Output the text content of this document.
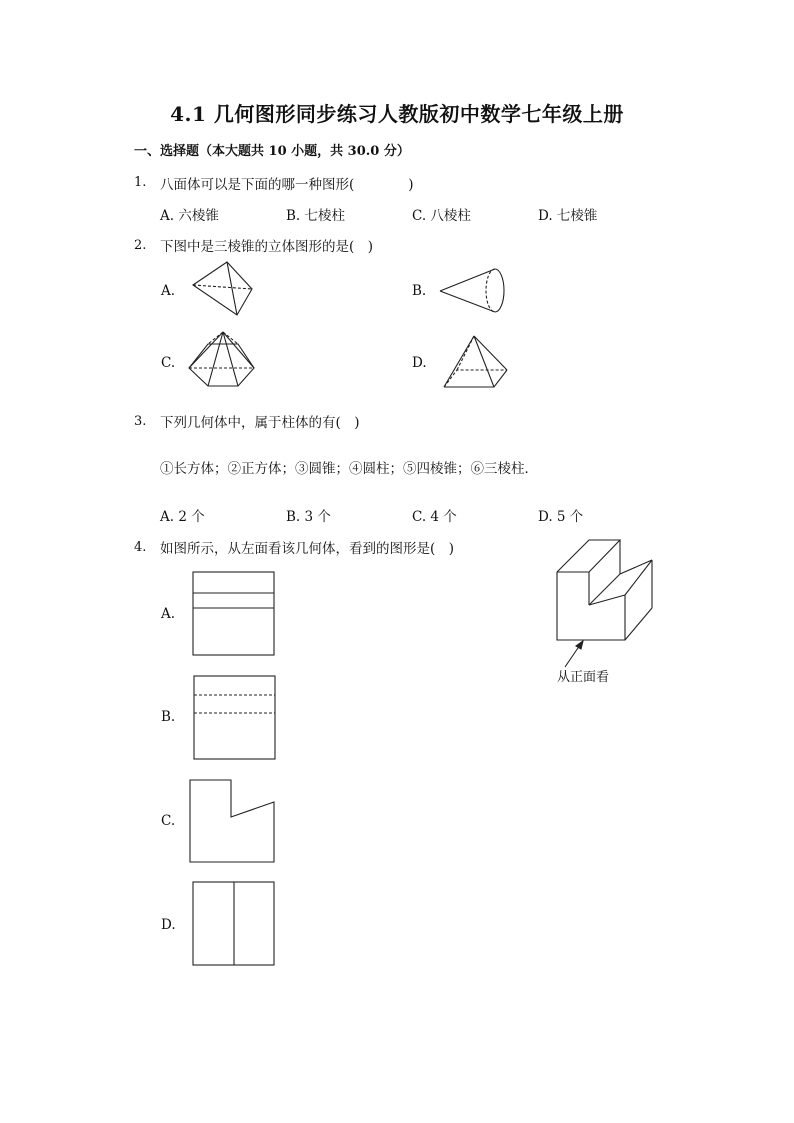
4.1 几何图形同步练习人教版初中数学七年级上册
一、选择题（本大题共 10 小题，共 30.0 分）
1. 八面体可以是下面的哪一种图形(　　　　)
A. 六棱锥	B. 七棱柱	C. 八棱柱	D. 七棱锥
2. 下图中是三棱锥的立体图形的是(　)
A.	B.
C.	D.
3. 下列几何体中，属于柱体的有(　)
①长方体；②正方体；③圆锥；④圆柱；⑤四棱锥；⑥三棱柱．
A. 2 个	B. 3 个	C. 4 个	D. 5 个
4. 如图所示，从左面看该几何体，看到的图形是(　)
从正面看
A.
B.
C.
D.
